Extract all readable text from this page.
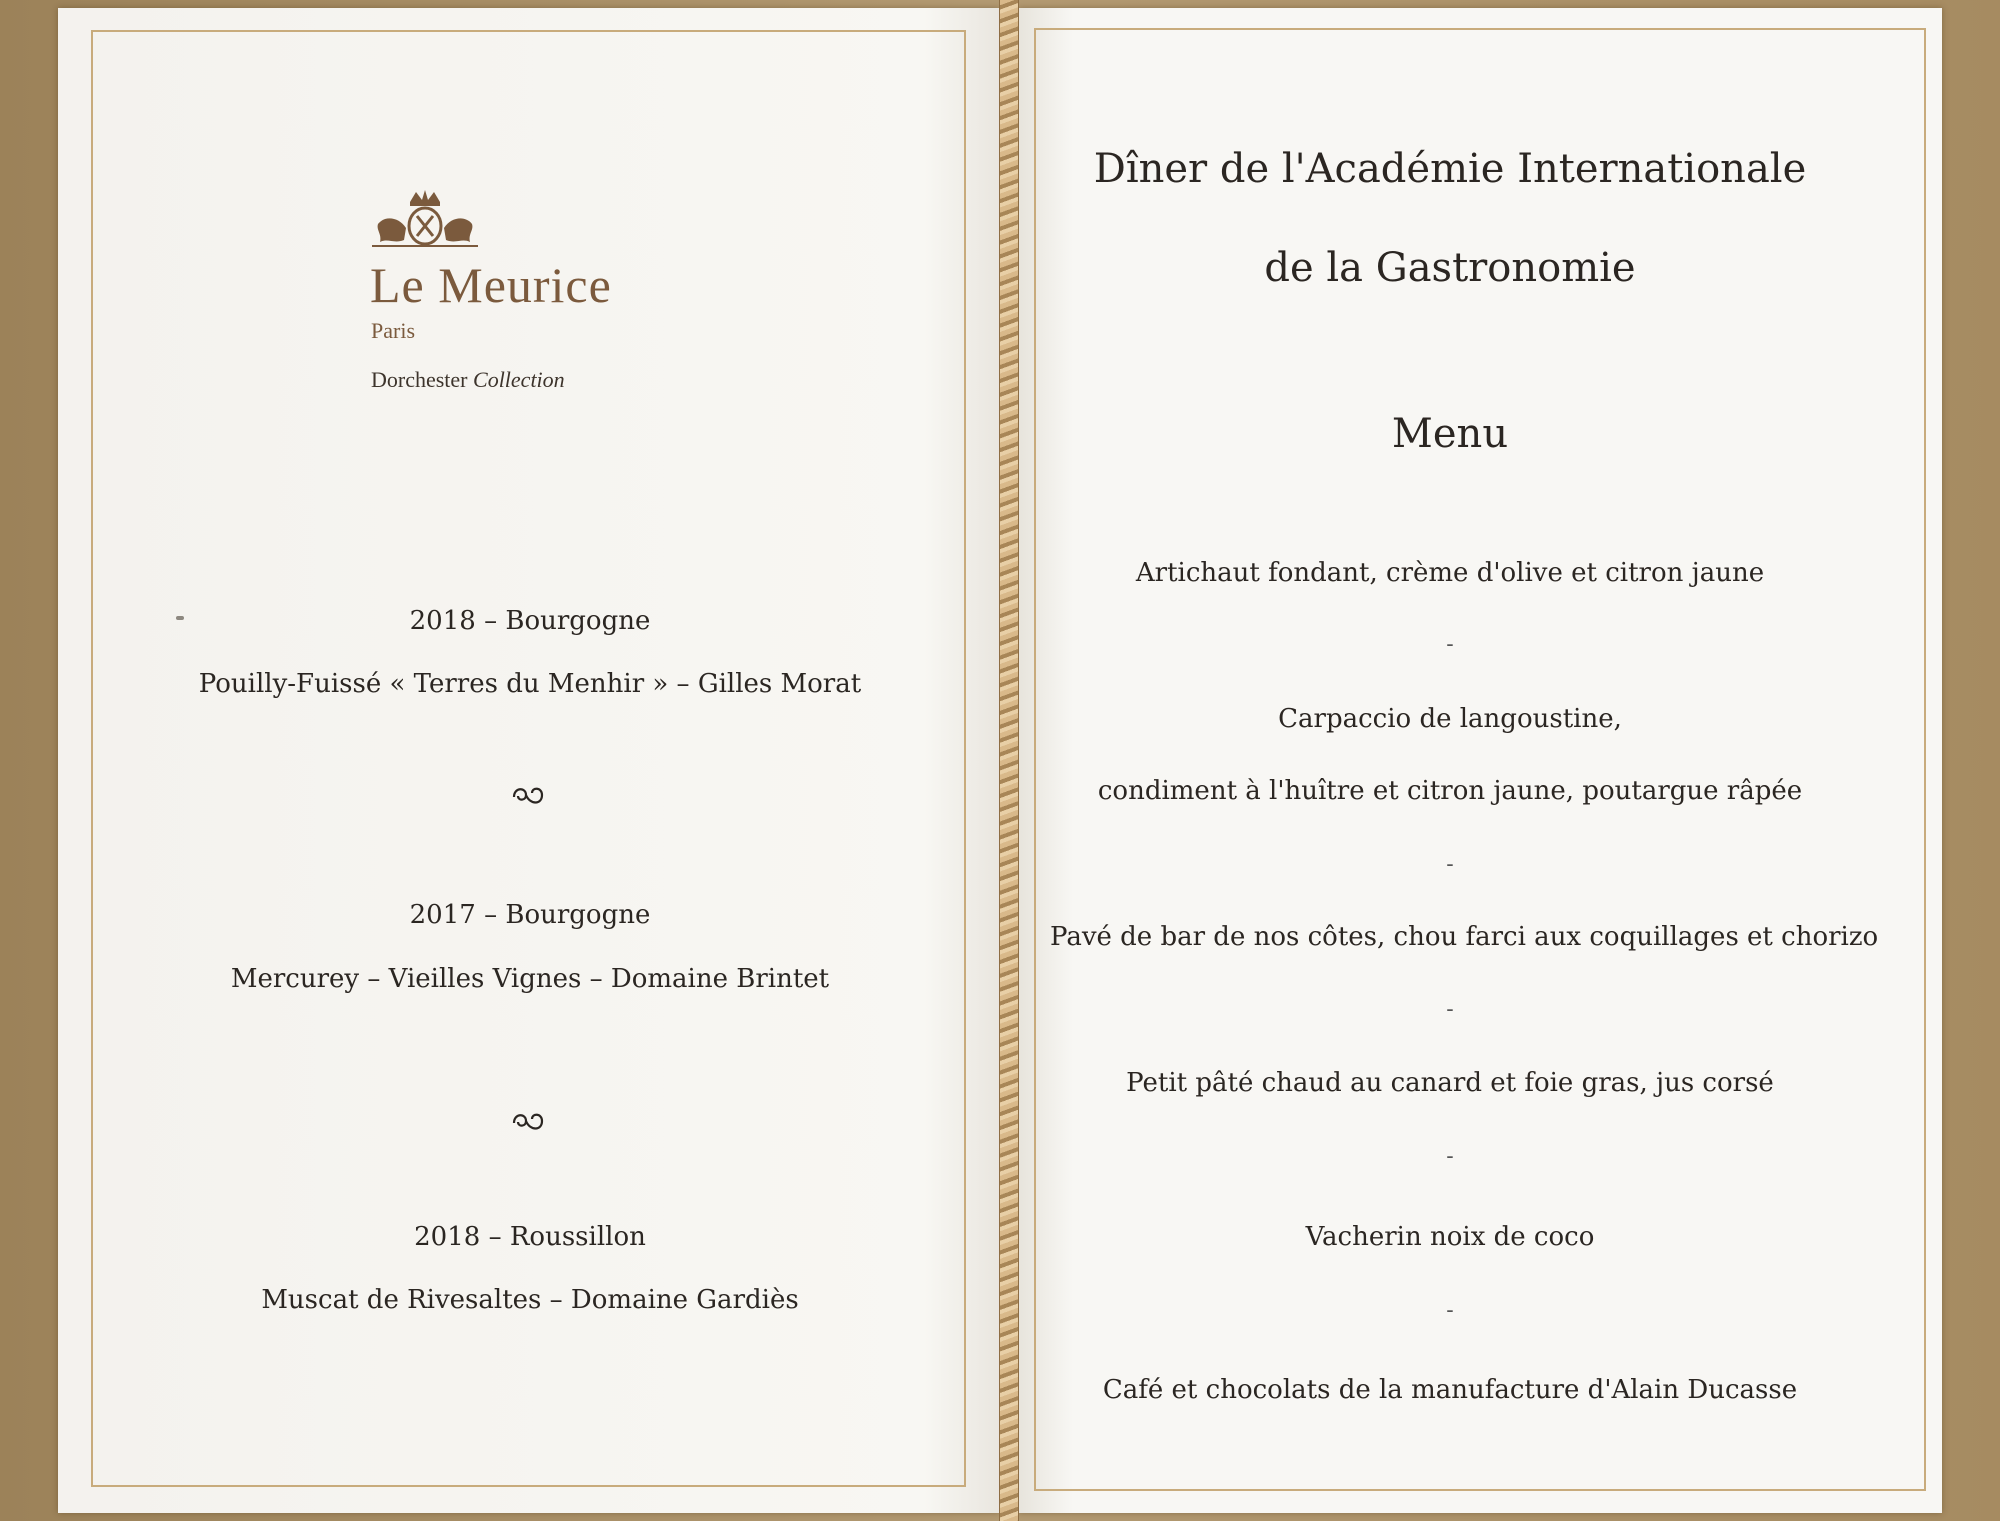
Le Meurice
Paris
Dorchester Collection
2018 – Bourgogne
Pouilly-Fuissé « Terres du Menhir » – Gilles Morat
2017 – Bourgogne
Mercurey – Vieilles Vignes – Domaine Brintet
2018 – Roussillon
Muscat de Rivesaltes – Domaine Gardiès
Dîner de l'Académie Internationale
de la Gastronomie
Menu
Artichaut fondant, crème d'olive et citron jaune
-
Carpaccio de langoustine,
condiment à l'huître et citron jaune, poutargue râpée
-
Pavé de bar de nos côtes, chou farci aux coquillages et chorizo
-
Petit pâté chaud au canard et foie gras, jus corsé
-
Vacherin noix de coco
-
Café et chocolats de la manufacture d'Alain Ducasse
